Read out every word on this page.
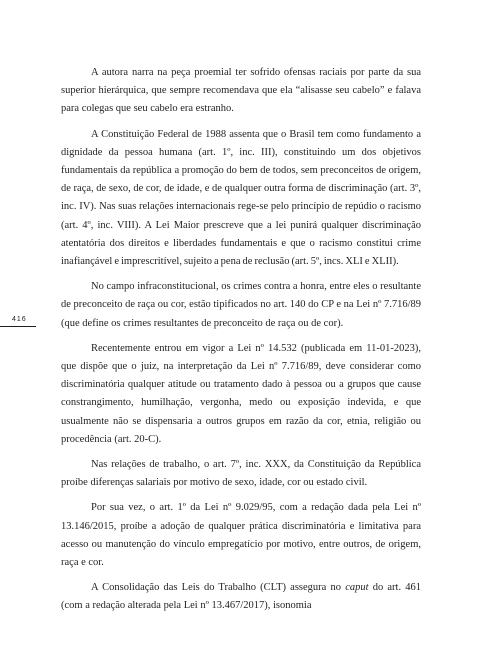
416

A autora narra na peça proemial ter sofrido ofensas raciais por parte da sua superior hierárquica, que sempre recomendava que ela “alisasse seu cabelo” e falava para colegas que seu cabelo era estranho.

A Constituição Federal de 1988 assenta que o Brasil tem como fundamento a dignidade da pessoa humana (art. 1º, inc. III), constituindo um dos objetivos fundamentais da república a promoção do bem de todos, sem preconceitos de origem, de raça, de sexo, de cor, de idade, e de qualquer outra forma de discriminação (art. 3º, inc. IV). Nas suas relações internacionais rege-se pelo princípio de repúdio o racismo (art. 4º, inc. VIII). A Lei Maior prescreve que a lei punirá qualquer discriminação atentatória dos direitos e liberdades fundamentais e que o racismo constitui crime inafiançável e imprescritível, sujeito a pena de reclusão (art. 5º, incs. XLI e XLII).

No campo infraconstitucional, os crimes contra a honra, entre eles o resultante de preconceito de raça ou cor, estão tipificados no art. 140 do CP e na Lei nº 7.716/89 (que define os crimes resultantes de preconceito de raça ou de cor).

Recentemente entrou em vigor a Lei nº 14.532 (publicada em 11-01-2023), que dispõe que o juiz, na interpretação da Lei nº 7.716/89, deve considerar como discriminatória qualquer atitude ou tratamento dado à pessoa ou a grupos que cause constrangimento, humilhação, vergonha, medo ou exposição indevida, e que usualmente não se dispensaria a outros grupos em razão da cor, etnia, religião ou procedência (art. 20-C).

Nas relações de trabalho, o art. 7º, inc. XXX, da Constituição da República proíbe diferenças salariais por motivo de sexo, idade, cor ou estado civil.

Por sua vez, o art. 1º da Lei nº 9.029/95, com a redação dada pela Lei nº 13.146/2015, proíbe a adoção de qualquer prática discriminatória e limitativa para acesso ou manutenção do vínculo empregatício por motivo, entre outros, de origem, raça e cor.

A Consolidação das Leis do Trabalho (CLT) assegura no caput do art. 461 (com a redação alterada pela Lei nº 13.467/2017), isonomia
